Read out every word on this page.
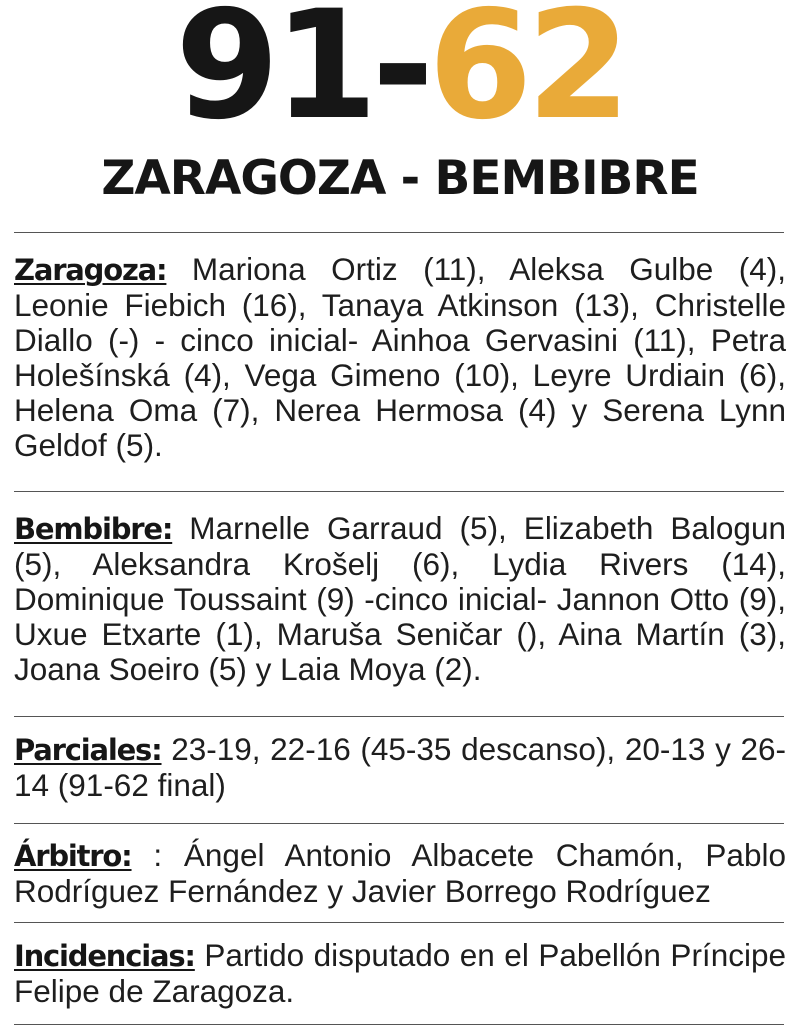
91-62
ZARAGOZA - BEMBIBRE

Zaragoza: Mariona Ortiz (11), Aleksa Gulbe (4), Leonie Fiebich (16), Tanaya Atkinson (13), Christelle Diallo (-) - cinco inicial- Ainhoa Gervasini (11), Petra Holešínská (4), Vega Gimeno (10), Leyre Urdiain (6), Helena Oma (7), Nerea Hermosa (4) y Serena Lynn Geldof (5).

Bembibre: Marnelle Garraud (5), Elizabeth Balogun (5), Aleksandra Krošelj (6), Lydia Rivers (14), Dominique Toussaint (9) -cinco inicial- Jannon Otto (9), Uxue Etxarte (1), Maruša Seničar (), Aina Martín (3), Joana Soeiro (5) y Laia Moya (2).

Parciales: 23-19, 22-16 (45-35 descanso), 20-13 y 26-14 (91-62 final)

Árbitro: : Ángel Antonio Albacete Chamón, Pablo Rodríguez Fernández y Javier Borrego Rodríguez

Incidencias: Partido disputado en el Pabellón Príncipe Felipe de Zaragoza.
